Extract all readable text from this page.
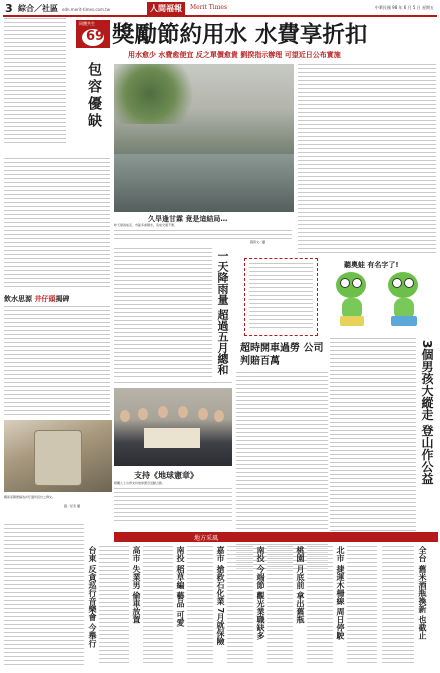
3 綜合／社區 edn.merit-times.com.tw	人間福報	Merit Times	中華民國 98 年 6 月 5 日 星期五
同體共生
69
包容優缺
飲水思源 井仔頭揭碑
藝術家陳惠鐘為井仔頭所設計之碑文。
圖／記者 攝
獎勵節約用水 水費享折扣
用水愈少 水費愈便宜 反之單價愈貴 劉揆指示辦理 可望近日公布實施
久旱逢甘霖 竟是這結局…
昨天豪雨成災，市區多處積水，造成交通不便。
圖與文／攝
一天降雨量 超過五月總和	聽奧蛙 有名字了!
超時開車過勞 公司判賠百萬	3個男孩大縱走 登山作公益
支持《地球憲章》
相關人士出席支持地球憲章活動合影。
地方采風
台東 反貪巡行音樂會 今舉行	高市 失業男 偷車放置	南投 稻草編 藝品 可愛	嘉市 搶救石化業 7月就保險	南投 今端節 觀光業職缺多	桃園 月底前 拿出舊瓶	北市 捷運木柵線 周日停駛	全台 舊米酒瓶換新 也截止
